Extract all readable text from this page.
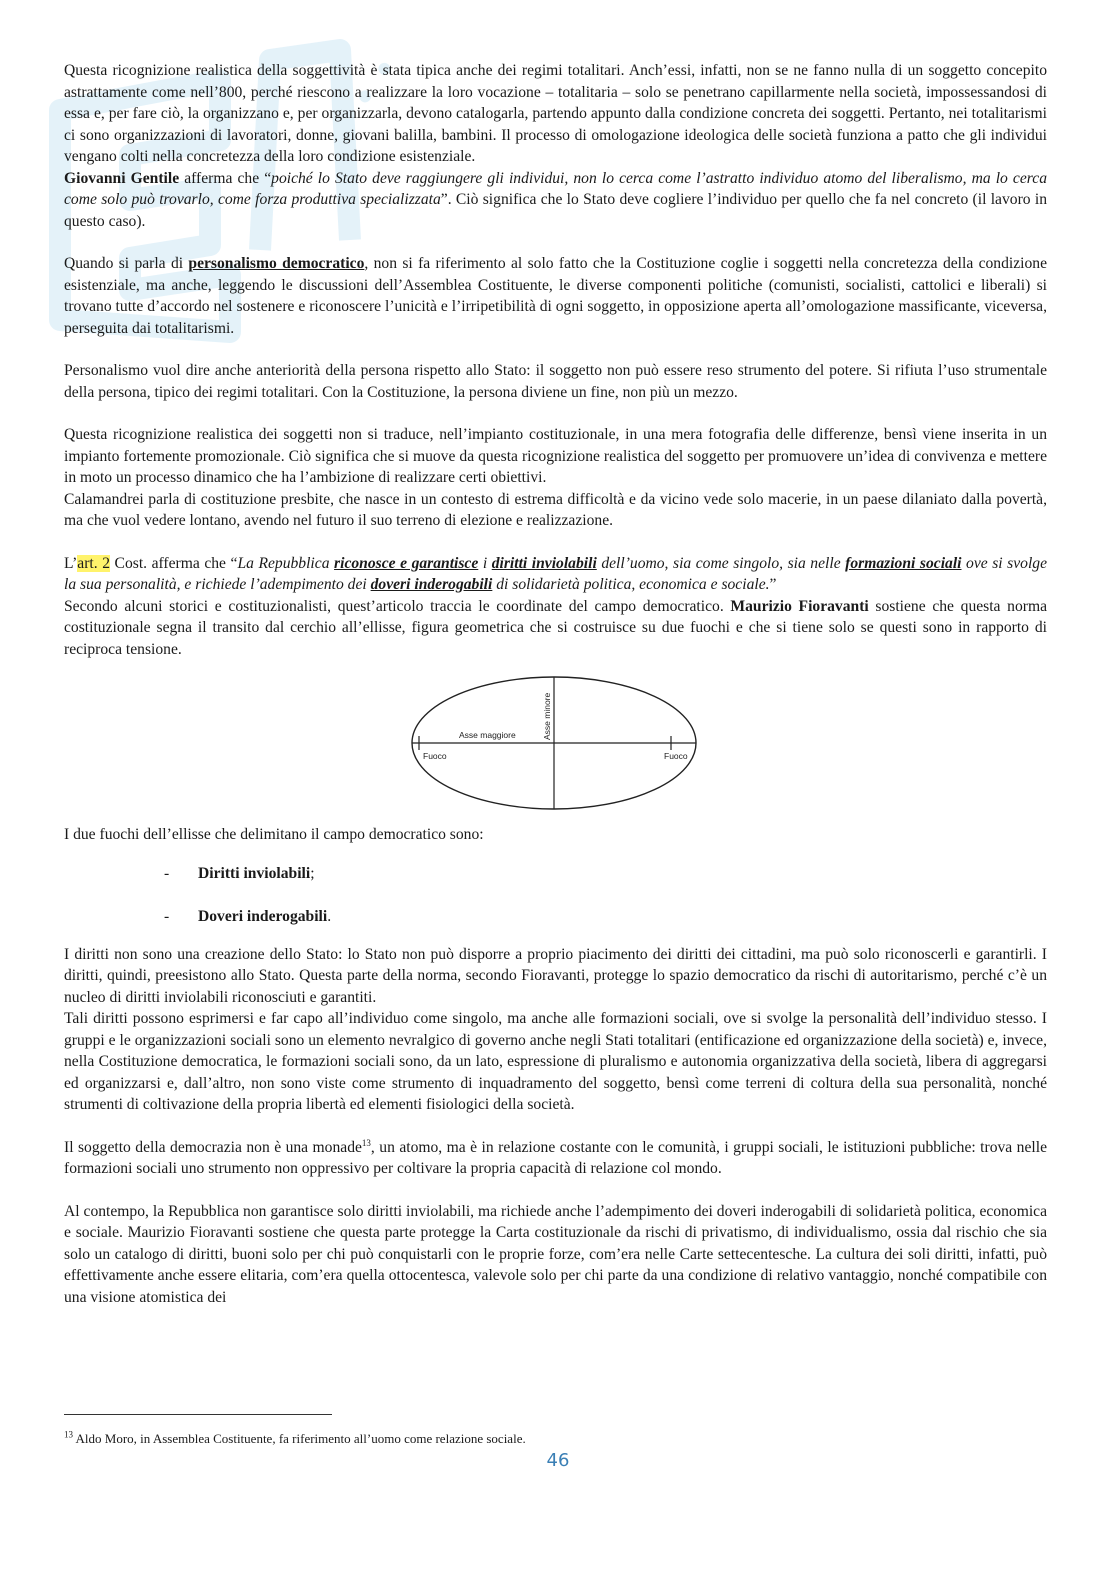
• • •

Questa ricognizione realistica della soggettività è stata tipica anche dei regimi totalitari. Anch’essi, infatti, non se ne fanno nulla di un soggetto concepito astrattamente come nell’800, perché riescono a realizzare la loro vocazione – totalitaria – solo se penetrano capillarmente nella società, impossessandosi di essa e, per fare ciò, la organizzano e, per organizzarla, devono catalogarla, partendo appunto dalla condizione concreta dei soggetti. Pertanto, nei totalitarismi ci sono organizzazioni di lavoratori, donne, giovani balilla, bambini. Il processo di omologazione ideologica delle società funziona a patto che gli individui vengano colti nella concretezza della loro condizione esistenziale.

Giovanni Gentile afferma che “poiché lo Stato deve raggiungere gli individui, non lo cerca come l’astratto individuo atomo del liberalismo, ma lo cerca come solo può trovarlo, come forza produttiva specializzata”. Ciò significa che lo Stato deve cogliere l’individuo per quello che fa nel concreto (il lavoro in questo caso).

Quando si parla di personalismo democratico, non si fa riferimento al solo fatto che la Costituzione coglie i soggetti nella concretezza della condizione esistenziale, ma anche, leggendo le discussioni dell’Assemblea Costituente, le diverse componenti politiche (comunisti, socialisti, cattolici e liberali) si trovano tutte d’accordo nel sostenere e riconoscere l’unicità e l’irripetibilità di ogni soggetto, in opposizione aperta all’omologazione massificante, viceversa, perseguita dai totalitarismi.

Personalismo vuol dire anche anteriorità della persona rispetto allo Stato: il soggetto non può essere reso strumento del potere. Si rifiuta l’uso strumentale della persona, tipico dei regimi totalitari. Con la Costituzione, la persona diviene un fine, non più un mezzo.

Questa ricognizione realistica dei soggetti non si traduce, nell’impianto costituzionale, in una mera fotografia delle differenze, bensì viene inserita in un impianto fortemente promozionale. Ciò significa che si muove da questa ricognizione realistica del soggetto per promuovere un’idea di convivenza e mettere in moto un processo dinamico che ha l’ambizione di realizzare certi obiettivi.

Calamandrei parla di costituzione presbite, che nasce in un contesto di estrema difficoltà e da vicino vede solo macerie, in un paese dilaniato dalla povertà, ma che vuol vedere lontano, avendo nel futuro il suo terreno di elezione e realizzazione.

L’art. 2 Cost. afferma che “La Repubblica riconosce e garantisce i diritti inviolabili dell’uomo, sia come singolo, sia nelle formazioni sociali ove si svolge la sua personalità, e richiede l’adempimento dei doveri inderogabili di solidarietà politica, economica e sociale.”

Secondo alcuni storici e costituzionalisti, quest’articolo traccia le coordinate del campo democratico. Maurizio Fioravanti sostiene che questa norma costituzionale segna il transito dal cerchio all’ellisse, figura geometrica che si costruisce su due fuochi e che si tiene solo se questi sono in rapporto di reciproca tensione.

Asse maggiore	Asse minore
Fuoco	Fuoco

I due fuochi dell’ellisse che delimitano il campo democratico sono:

- Diritti inviolabili;
- Doveri inderogabili.

I diritti non sono una creazione dello Stato: lo Stato non può disporre a proprio piacimento dei diritti dei cittadini, ma può solo riconoscerli e garantirli. I diritti, quindi, preesistono allo Stato. Questa parte della norma, secondo Fioravanti, protegge lo spazio democratico da rischi di autoritarismo, perché c’è un nucleo di diritti inviolabili riconosciuti e garantiti.

Tali diritti possono esprimersi e far capo all’individuo come singolo, ma anche alle formazioni sociali, ove si svolge la personalità dell’individuo stesso. I gruppi e le organizzazioni sociali sono un elemento nevralgico di governo anche negli Stati totalitari (entificazione ed organizzazione della società) e, invece, nella Costituzione democratica, le formazioni sociali sono, da un lato, espressione di pluralismo e autonomia organizzativa della società, libera di aggregarsi ed organizzarsi e, dall’altro, non sono viste come strumento di inquadramento del soggetto, bensì come terreni di coltura della sua personalità, nonché strumenti di coltivazione della propria libertà ed elementi fisiologici della società.

Il soggetto della democrazia non è una monade$^{13}$, un atomo, ma è in relazione costante con le comunità, i gruppi sociali, le istituzioni pubbliche: trova nelle formazioni sociali uno strumento non oppressivo per coltivare la propria capacità di relazione col mondo.

Al contempo, la Repubblica non garantisce solo diritti inviolabili, ma richiede anche l’adempimento dei doveri inderogabili di solidarietà politica, economica e sociale. Maurizio Fioravanti sostiene che questa parte protegge la Carta costituzionale da rischi di privatismo, di individualismo, ossia dal rischio che sia solo un catalogo di diritti, buoni solo per chi può conquistarli con le proprie forze, com’era nelle Carte settecentesche. La cultura dei soli diritti, infatti, può effettivamente anche essere elitaria, com’era quella ottocentesca, valevole solo per chi parte da una condizione di relativo vantaggio, nonché compatibile con una visione atomistica dei

$^{13}$ Aldo Moro, in Assemblea Costituente, fa riferimento all’uomo come relazione sociale.
46
